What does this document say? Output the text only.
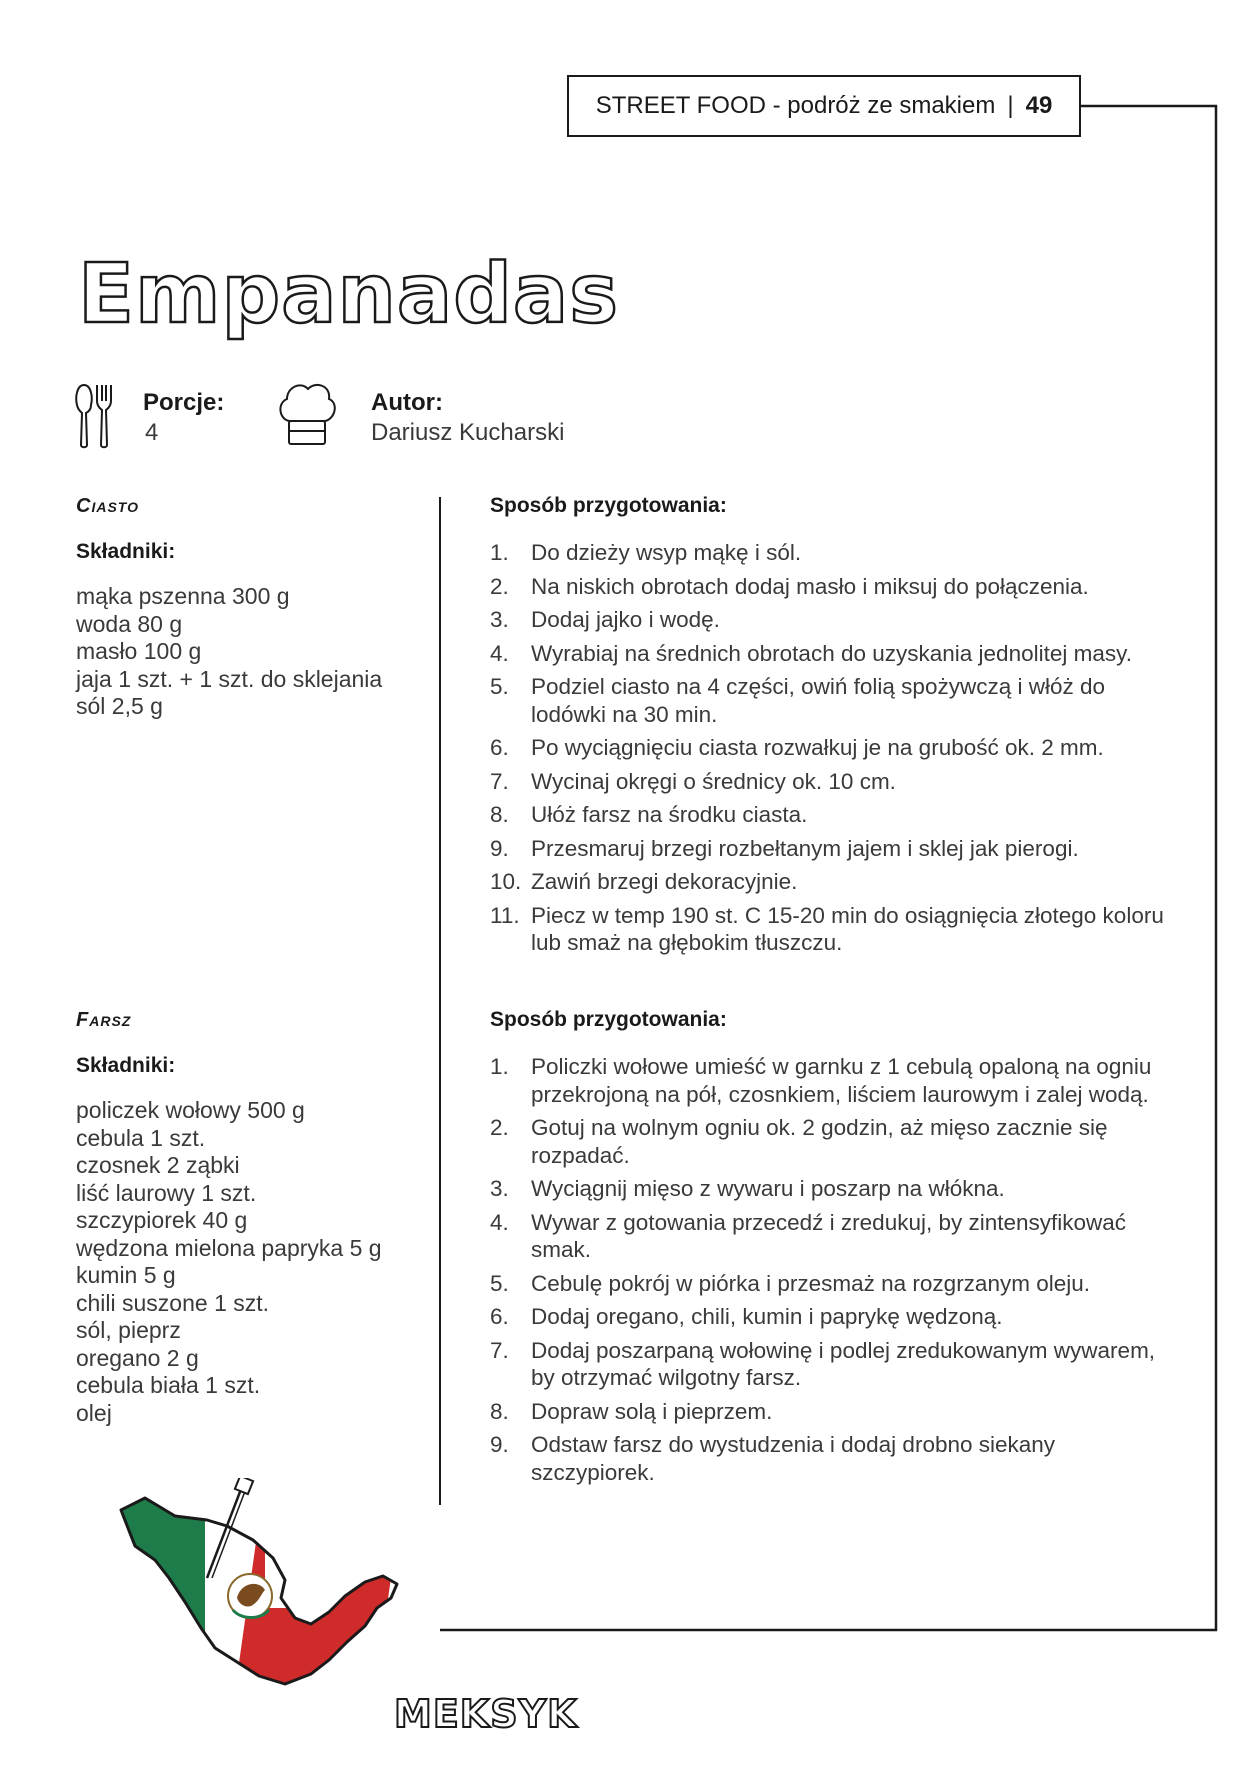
STREET FOOD - podróż ze smakiem | 49
Empanadas
Porcje:
4
Autor:
Dariusz Kucharski
Ciasto
Składniki:
mąka pszenna 300 g
woda 80 g
masło 100 g
jaja 1 szt. + 1 szt. do sklejania
sól 2,5 g
Sposób przygotowania:
1. Do dzieży wsyp mąkę i sól.
2. Na niskich obrotach dodaj masło i miksuj do połączenia.
3. Dodaj jajko i wodę.
4. Wyrabiaj na średnich obrotach do uzyskania jednolitej masy.
5. Podziel ciasto na 4 części, owiń folią spożywczą i włóż do lodówki na 30 min.
6. Po wyciągnięciu ciasta rozwałkuj je na grubość ok. 2 mm.
7. Wycinaj okręgi o średnicy ok. 10 cm.
8. Ułóż farsz na środku ciasta.
9. Przesmaruj brzegi rozbełtanym jajem i sklej jak pierogi.
10. Zawiń brzegi dekoracyjnie.
11. Piecz w temp 190 st. C 15-20 min do osiągnięcia złotego koloru lub smaż na głębokim tłuszczu.
Farsz
Składniki:
policzek wołowy 500 g
cebula 1 szt.
czosnek 2 ząbki
liść laurowy 1 szt.
szczypiorek 40 g
wędzona mielona papryka 5 g
kumin 5 g
chili suszone 1 szt.
sól, pieprz
oregano 2 g
cebula biała 1 szt.
olej
Sposób przygotowania:
1. Policzki wołowe umieść w garnku z 1 cebulą opaloną na ogniu przekrojoną na pół, czosnkiem, liściem laurowym i zalej wodą.
2. Gotuj na wolnym ogniu ok. 2 godzin, aż mięso zacznie się rozpadać.
3. Wyciągnij mięso z wywaru i poszarp na włókna.
4. Wywar z gotowania przecedź i zredukuj, by zintensyfikować smak.
5. Cebulę pokrój w piórka i przesmaż na rozgrzanym oleju.
6. Dodaj oregano, chili, kumin i paprykę wędzoną.
7. Dodaj poszarpaną wołowinę i podlej zredukowanym wywarem, by otrzymać wilgotny farsz.
8. Dopraw solą i pieprzem.
9. Odstaw farsz do wystudzenia i dodaj drobno siekany szczypiorek.
MEKSYK
